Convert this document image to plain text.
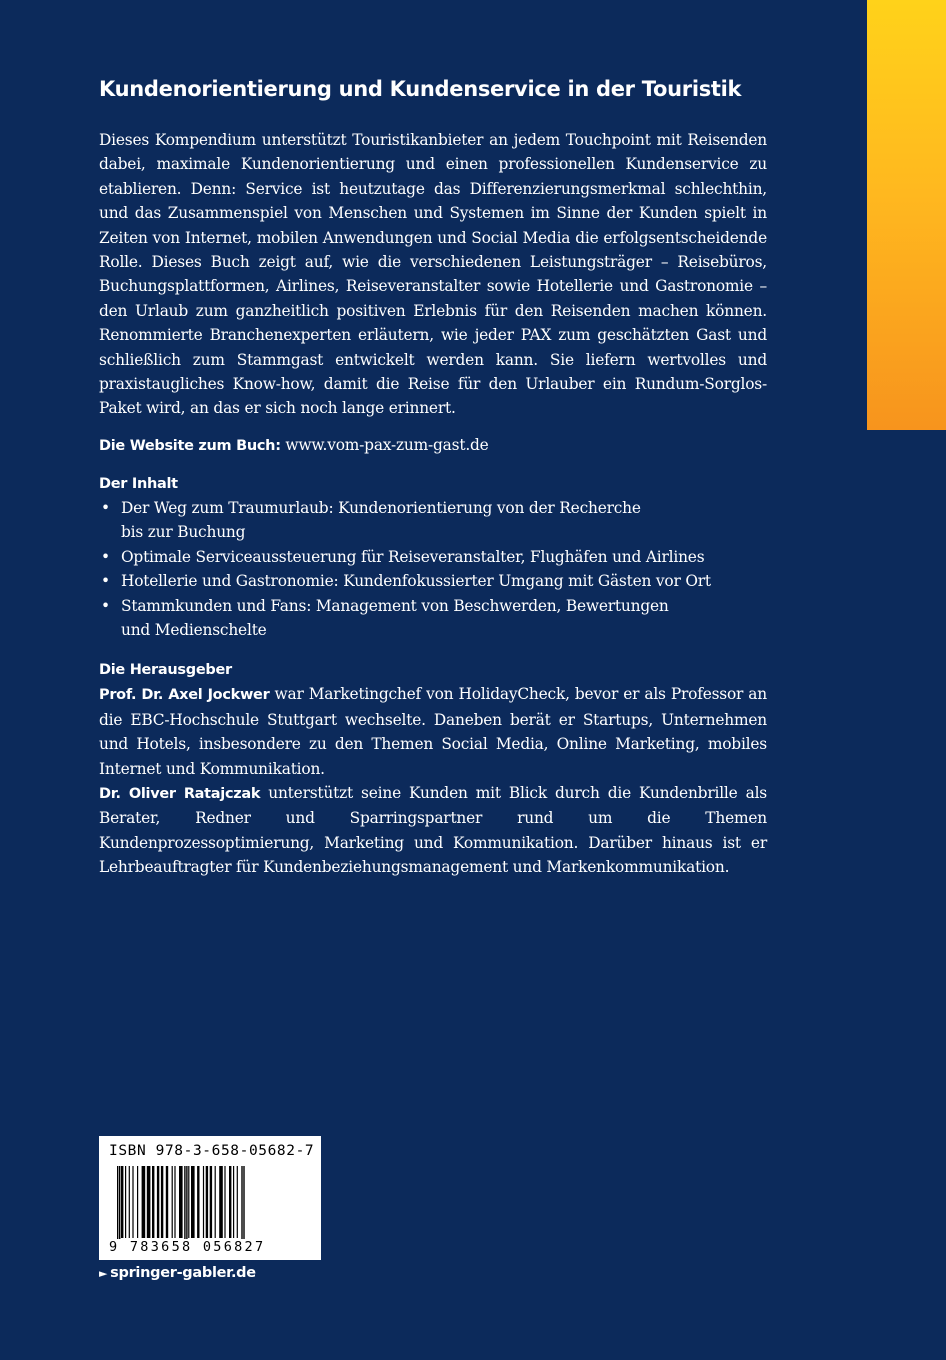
Kundenorientierung und Kundenservice in der Touristik

Dieses Kompendium unterstützt Touristikanbieter an jedem Touchpoint mit Reisenden dabei, maximale Kundenorientierung und einen professionellen Kundenservice zu etablieren. Denn: Service ist heutzutage das Differenzierungsmerkmal schlechthin, und das Zusammenspiel von Menschen und Systemen im Sinne der Kunden spielt in Zeiten von Internet, mobilen Anwendungen und Social Media die erfolgsentscheidende Rolle. Dieses Buch zeigt auf, wie die verschiedenen Leistungsträger – Reisebüros, Buchungsplattformen, Airlines, Reiseveranstalter sowie Hotellerie und Gastronomie – den Urlaub zum ganzheitlich positiven Erlebnis für den Reisenden machen können. Renommierte Branchenexperten erläutern, wie jeder PAX zum geschätzten Gast und schließlich zum Stammgast entwickelt werden kann. Sie liefern wertvolles und praxistaugliches Know-how, damit die Reise für den Urlauber ein Rundum-Sorglos-Paket wird, an das er sich noch lange erinnert.

Die Website zum Buch: www.vom-pax-zum-gast.de

Der Inhalt
• Der Weg zum Traumurlaub: Kundenorientierung von der Recherche
bis zur Buchung
• Optimale Serviceaussteuerung für Reiseveranstalter, Flughäfen und Airlines
• Hotellerie und Gastronomie: Kundenfokussierter Umgang mit Gästen vor Ort
• Stammkunden und Fans: Management von Beschwerden, Bewertungen
und Medienschelte
Die Herausgeber

Prof. Dr. Axel Jockwer war Marketingchef von HolidayCheck, bevor er als Professor an die EBC-Hochschule Stuttgart wechselte. Daneben berät er Startups, Unternehmen und Hotels, insbesondere zu den Themen Social Media, Online Marketing, mobiles Internet und Kommunikation.

Dr. Oliver Ratajczak unterstützt seine Kunden mit Blick durch die Kundenbrille als Berater, Redner und Sparringspartner rund um die Themen Kundenprozessoptimierung, Marketing und Kommunikation. Darüber hinaus ist er Lehrbeauftragter für Kundenbeziehungsmanagement und Markenkommunikation.

ISBN 978-3-658-05682-7
9 783658 056827
► springer-gabler.de
